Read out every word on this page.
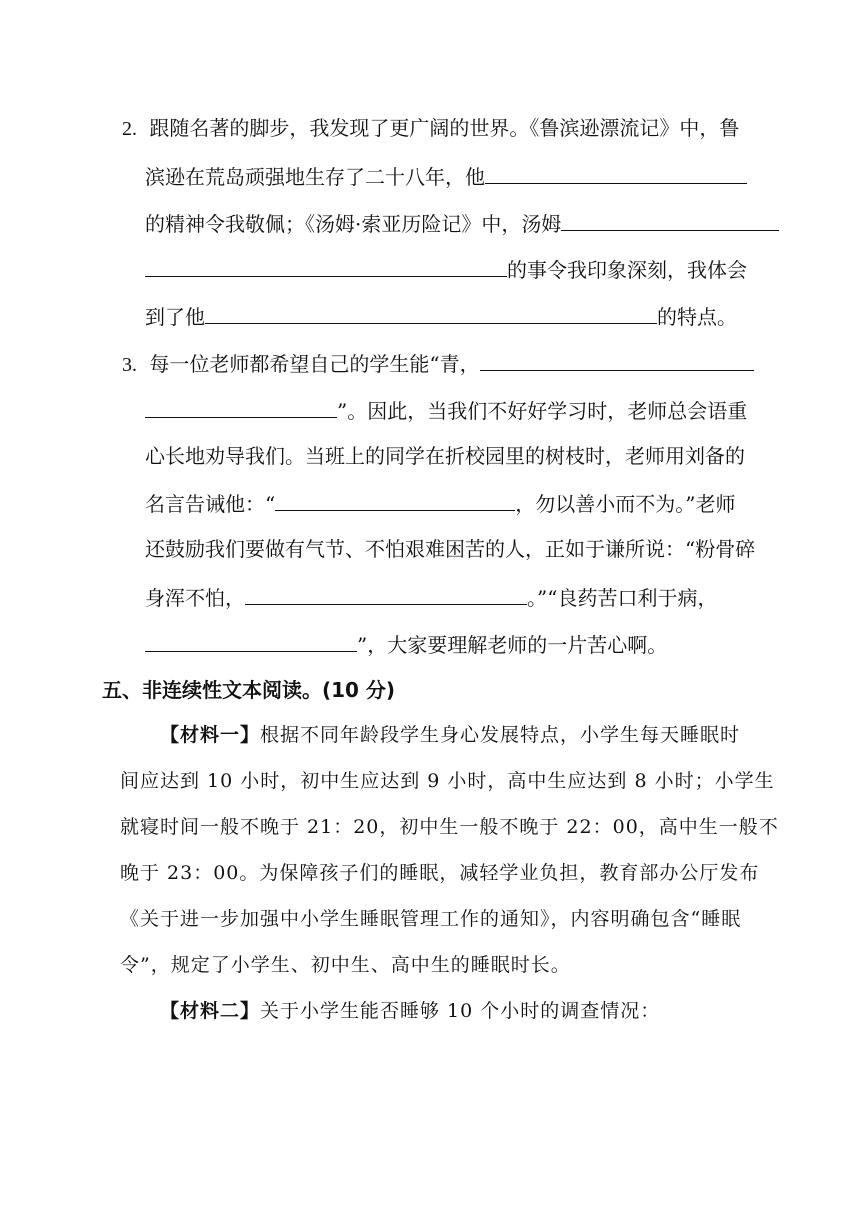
2. 跟随名著的脚步，我发现了更广阔的世界。《鲁滨逊漂流记》中，鲁
滨逊在荒岛顽强地生存了二十八年，他
的精神令我敬佩；《汤姆·索亚历险记》中，汤姆
的事令我印象深刻，我体会
到了他	的特点。
3. 每一位老师都希望自己的学生能“青，
”。因此，当我们不好好学习时，老师总会语重
心长地劝导我们。当班上的同学在折校园里的树枝时，老师用刘备的
名言告诫他：“	，勿以善小而不为。”老师
还鼓励我们要做有气节、不怕艰难困苦的人，正如于谦所说：“粉骨碎
身浑不怕，	。”“良药苦口利于病，
”，大家要理解老师的一片苦心啊。
五、非连续性文本阅读。(10 分)
【材料一】根据不同年龄段学生身心发展特点，小学生每天睡眠时
间应达到 10 小时，初中生应达到 9 小时，高中生应达到 8 小时；小学生
就寝时间一般不晚于 21：20，初中生一般不晚于 22：00，高中生一般不
晚于 23：00。为保障孩子们的睡眠，减轻学业负担，教育部办公厅发布
《关于进一步加强中小学生睡眠管理工作的通知》，内容明确包含“睡眠
令”，规定了小学生、初中生、高中生的睡眠时长。
【材料二】关于小学生能否睡够 10 个小时的调查情况：
